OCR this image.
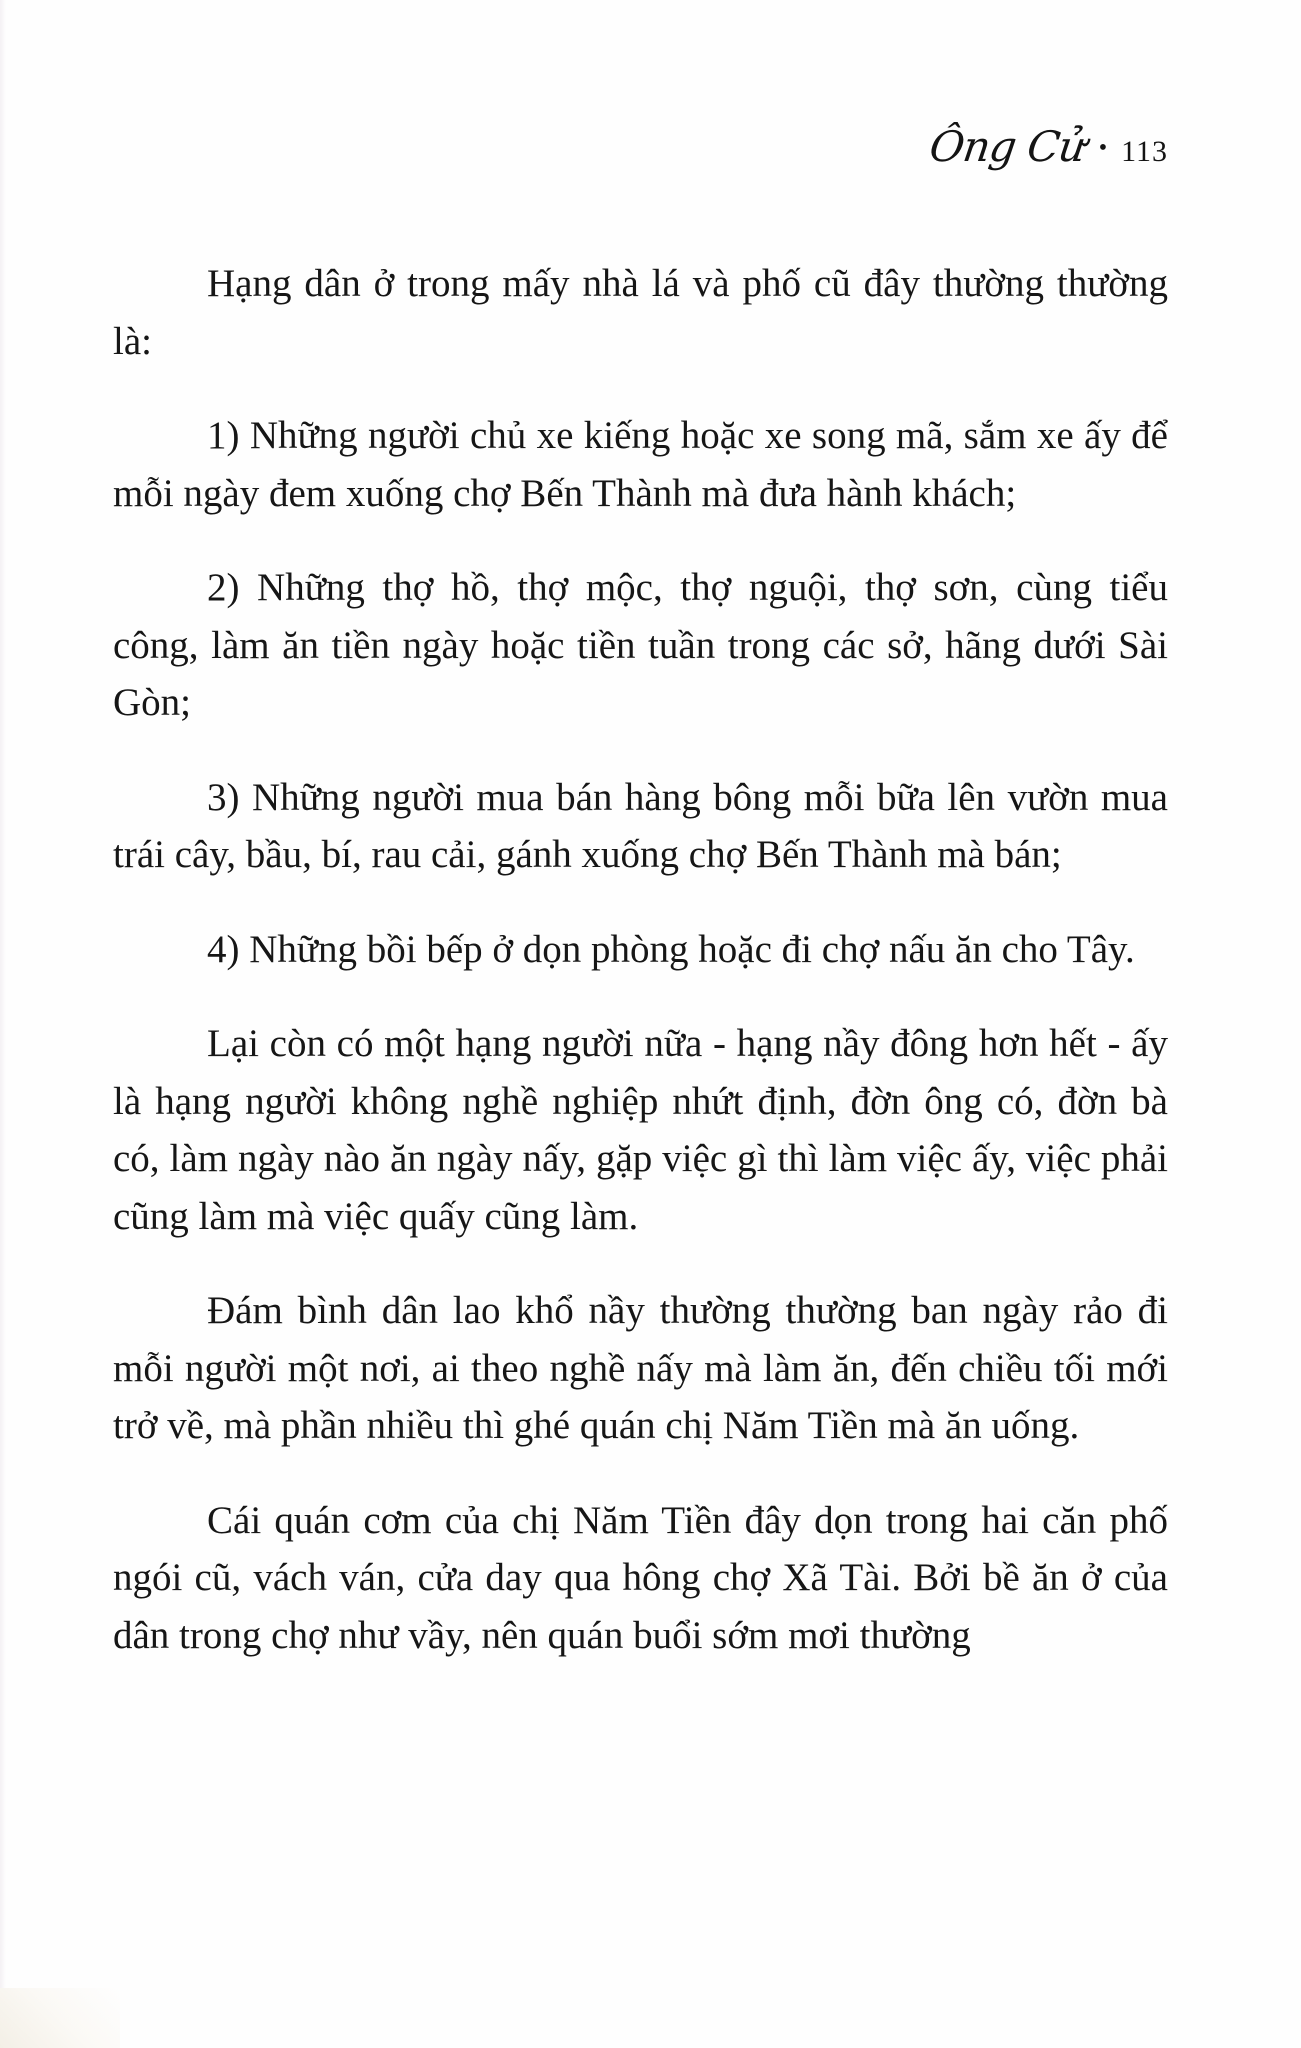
Ông Cử • 113

Hạng dân ở trong mấy nhà lá và phố cũ đây thường thường là:

1) Những người chủ xe kiếng hoặc xe song mã, sắm xe ấy để mỗi ngày đem xuống chợ Bến Thành mà đưa hành khách;

2) Những thợ hồ, thợ mộc, thợ nguội, thợ sơn, cùng tiểu công, làm ăn tiền ngày hoặc tiền tuần trong các sở, hãng dưới Sài Gòn;

3) Những người mua bán hàng bông mỗi bữa lên vườn mua trái cây, bầu, bí, rau cải, gánh xuống chợ Bến Thành mà bán;

4) Những bồi bếp ở dọn phòng hoặc đi chợ nấu ăn cho Tây.

Lại còn có một hạng người nữa - hạng nầy đông hơn hết - ấy là hạng người không nghề nghiệp nhứt định, đờn ông có, đờn bà có, làm ngày nào ăn ngày nấy, gặp việc gì thì làm việc ấy, việc phải cũng làm mà việc quấy cũng làm.

Đám bình dân lao khổ nầy thường thường ban ngày rảo đi mỗi người một nơi, ai theo nghề nấy mà làm ăn, đến chiều tối mới trở về, mà phần nhiều thì ghé quán chị Năm Tiền mà ăn uống.

Cái quán cơm của chị Năm Tiền đây dọn trong hai căn phố ngói cũ, vách ván, cửa day qua hông chợ Xã Tài. Bởi bề ăn ở của dân trong chợ như vầy, nên quán buổi sớm mơi thường
